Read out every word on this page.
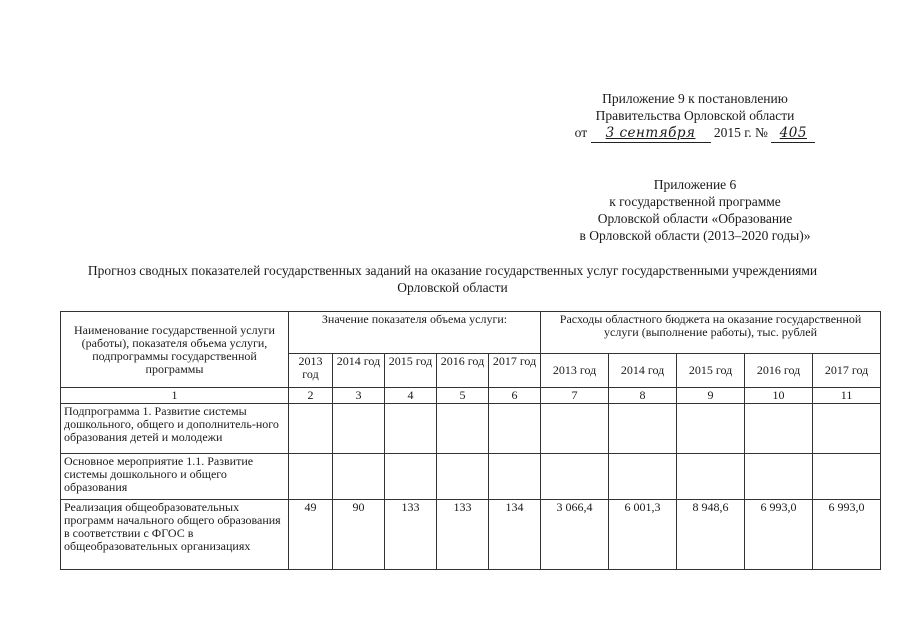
Приложение 9 к постановлению
Правительства Орловской области
от 3 сентября 2015 г. № 405
Приложение 6
к государственной программе
Орловской области «Образование
в Орловской области (2013–2020 годы)»
Прогноз сводных показателей государственных заданий на оказание государственных услуг государственными учреждениями Орловской области
Наименование государственной услуги (работы), показателя объема услуги, подпрограммы государственной программы	Значение показателя объема услуги:					Расходы областного бюджета на оказание государственной услуги (выполнение работы), тыс. рублей				
	2013 год	2014 год	2015 год	2016 год	2017 год	2013 год	2014 год	2015 год	2016 год	2017 год
1	2	3	4	5	6	7	8	9	10	11
Подпрограмма 1. Развитие системы дошкольного, общего и дополнитель-ного образования детей и молодежи										
Основное мероприятие 1.1. Развитие системы дошкольного и общего образования										
Реализация общеобразовательных программ начального общего образования в соответствии с ФГОС в общеобразовательных организациях	49	90	133	133	134	3 066,4	6 001,3	8 948,6	6 993,0	6 993,0
